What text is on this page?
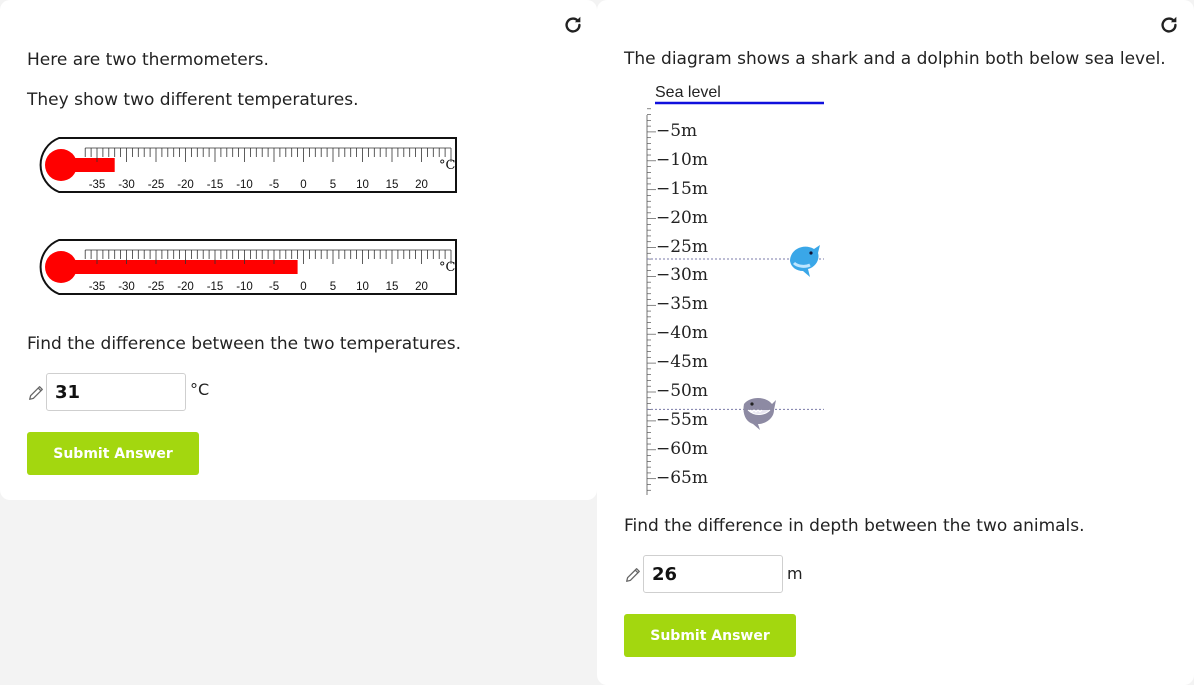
Here are two thermometers.
They show two different temperatures.
-35 -30 -25 -20 -15 -10 -5 0 5 10 15 20
°C
-35 -30 -25 -20 -15 -10 -5 0 5 10 15 20
°C
Find the difference between the two temperatures.
31
°C
Submit Answer
The diagram shows a shark and a dolphin both below sea level.
Sea level
−5m
−10m
−15m
−20m
−25m
−30m
−35m
−40m
−45m
−50m
−55m
−60m
−65m
Find the difference in depth between the two animals.
26
m
Submit Answer
